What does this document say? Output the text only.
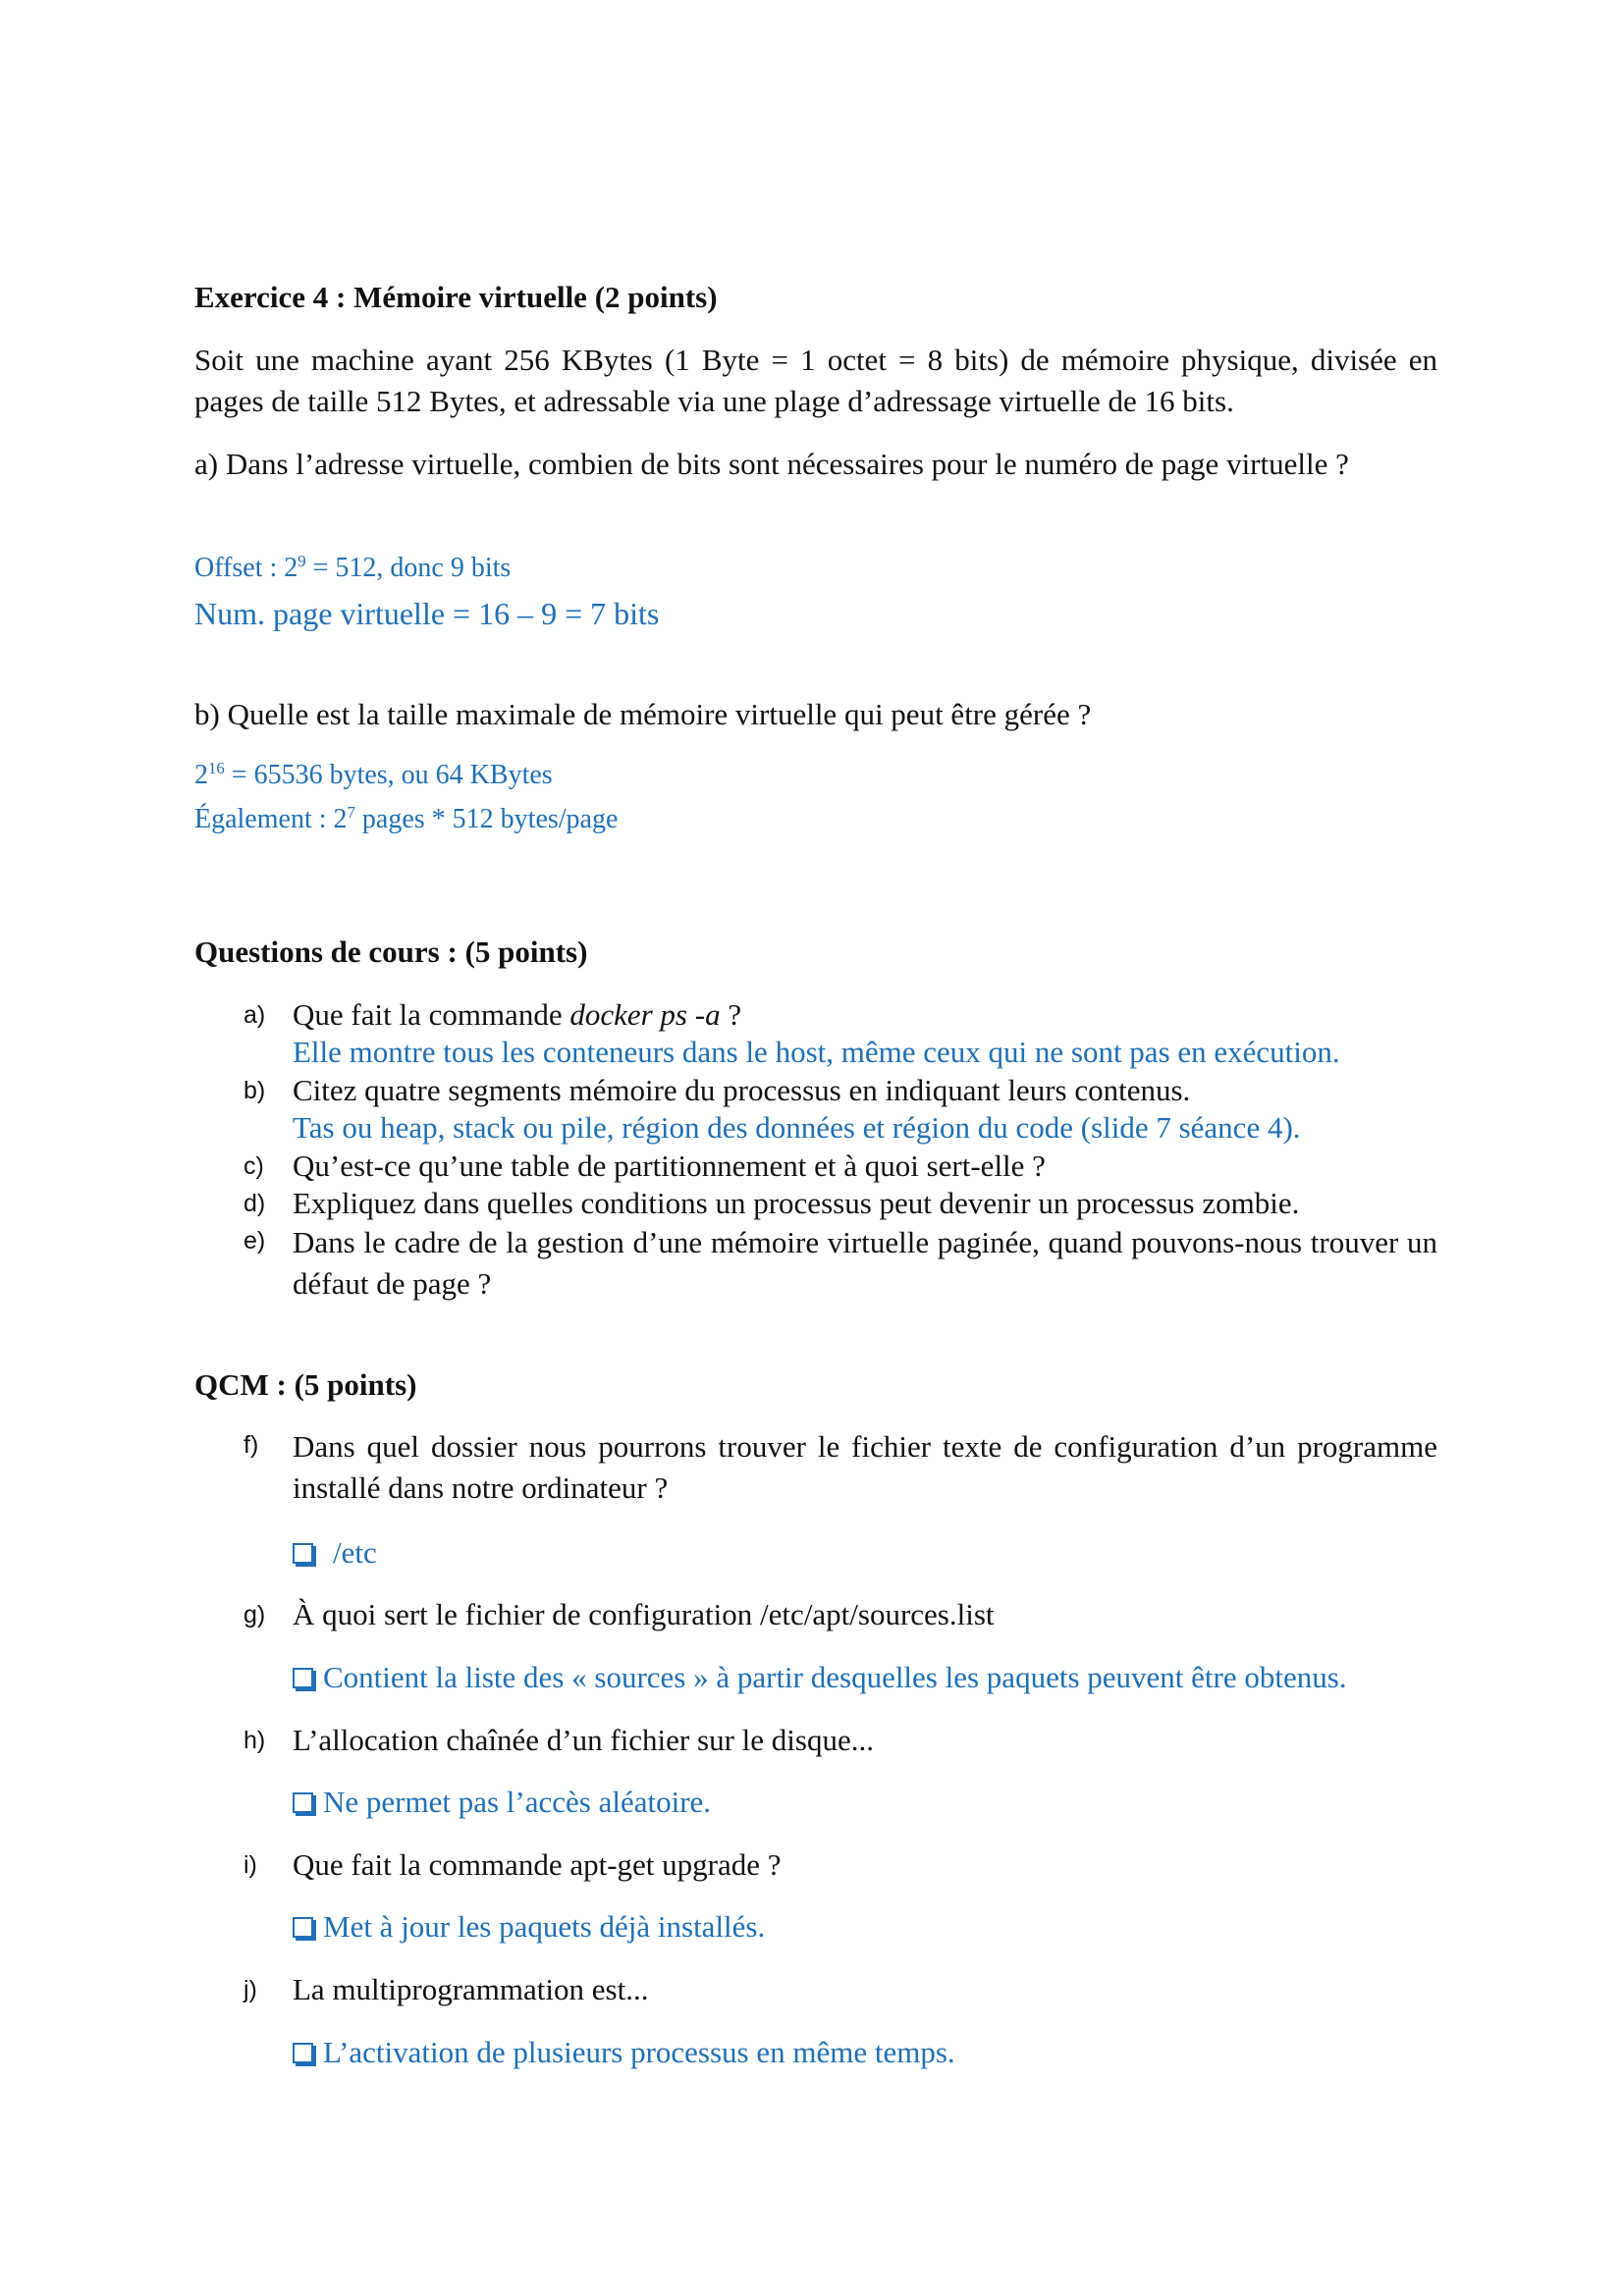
Exercice 4 : Mémoire virtuelle (2 points)
Soit une machine ayant 256 KBytes (1 Byte = 1 octet = 8 bits) de mémoire physique, divisée en pages de taille 512 Bytes, et adressable via une plage d’adressage virtuelle de 16 bits.
a) Dans l’adresse virtuelle, combien de bits sont nécessaires pour le numéro de page virtuelle ?
Offset : $2^9 = 512$, donc 9 bits
Num. page virtuelle = 16 – 9 = 7 bits
b) Quelle est la taille maximale de mémoire virtuelle qui peut être gérée ?
$2^{16} = 65536$ bytes, ou 64 KBytes
Également : $2^7$ pages * 512 bytes/page
Questions de cours : (5 points)
a) Que fait la commande docker ps -a ?
Elle montre tous les conteneurs dans le host, même ceux qui ne sont pas en exécution.
b) Citez quatre segments mémoire du processus en indiquant leurs contenus.
Tas ou heap, stack ou pile, région des données et région du code (slide 7 séance 4).
c) Qu’est-ce qu’une table de partitionnement et à quoi sert-elle ?
d) Expliquez dans quelles conditions un processus peut devenir un processus zombie.
e) Dans le cadre de la gestion d’une mémoire virtuelle paginée, quand pouvons-nous trouver un défaut de page ?
QCM : (5 points)
f)	Dans quel dossier nous pourrons trouver le fichier texte de configuration d’un programme installé dans notre ordinateur ?
/etc
g) À quoi sert le fichier de configuration /etc/apt/sources.list
Contient la liste des « sources » à partir desquelles les paquets peuvent être obtenus.
h) L’allocation chaînée d’un fichier sur le disque...
Ne permet pas l’accès aléatoire.
i)	Que fait la commande apt-get upgrade ?
Met à jour les paquets déjà installés.
j)	La multiprogrammation est...
L’activation de plusieurs processus en même temps.
